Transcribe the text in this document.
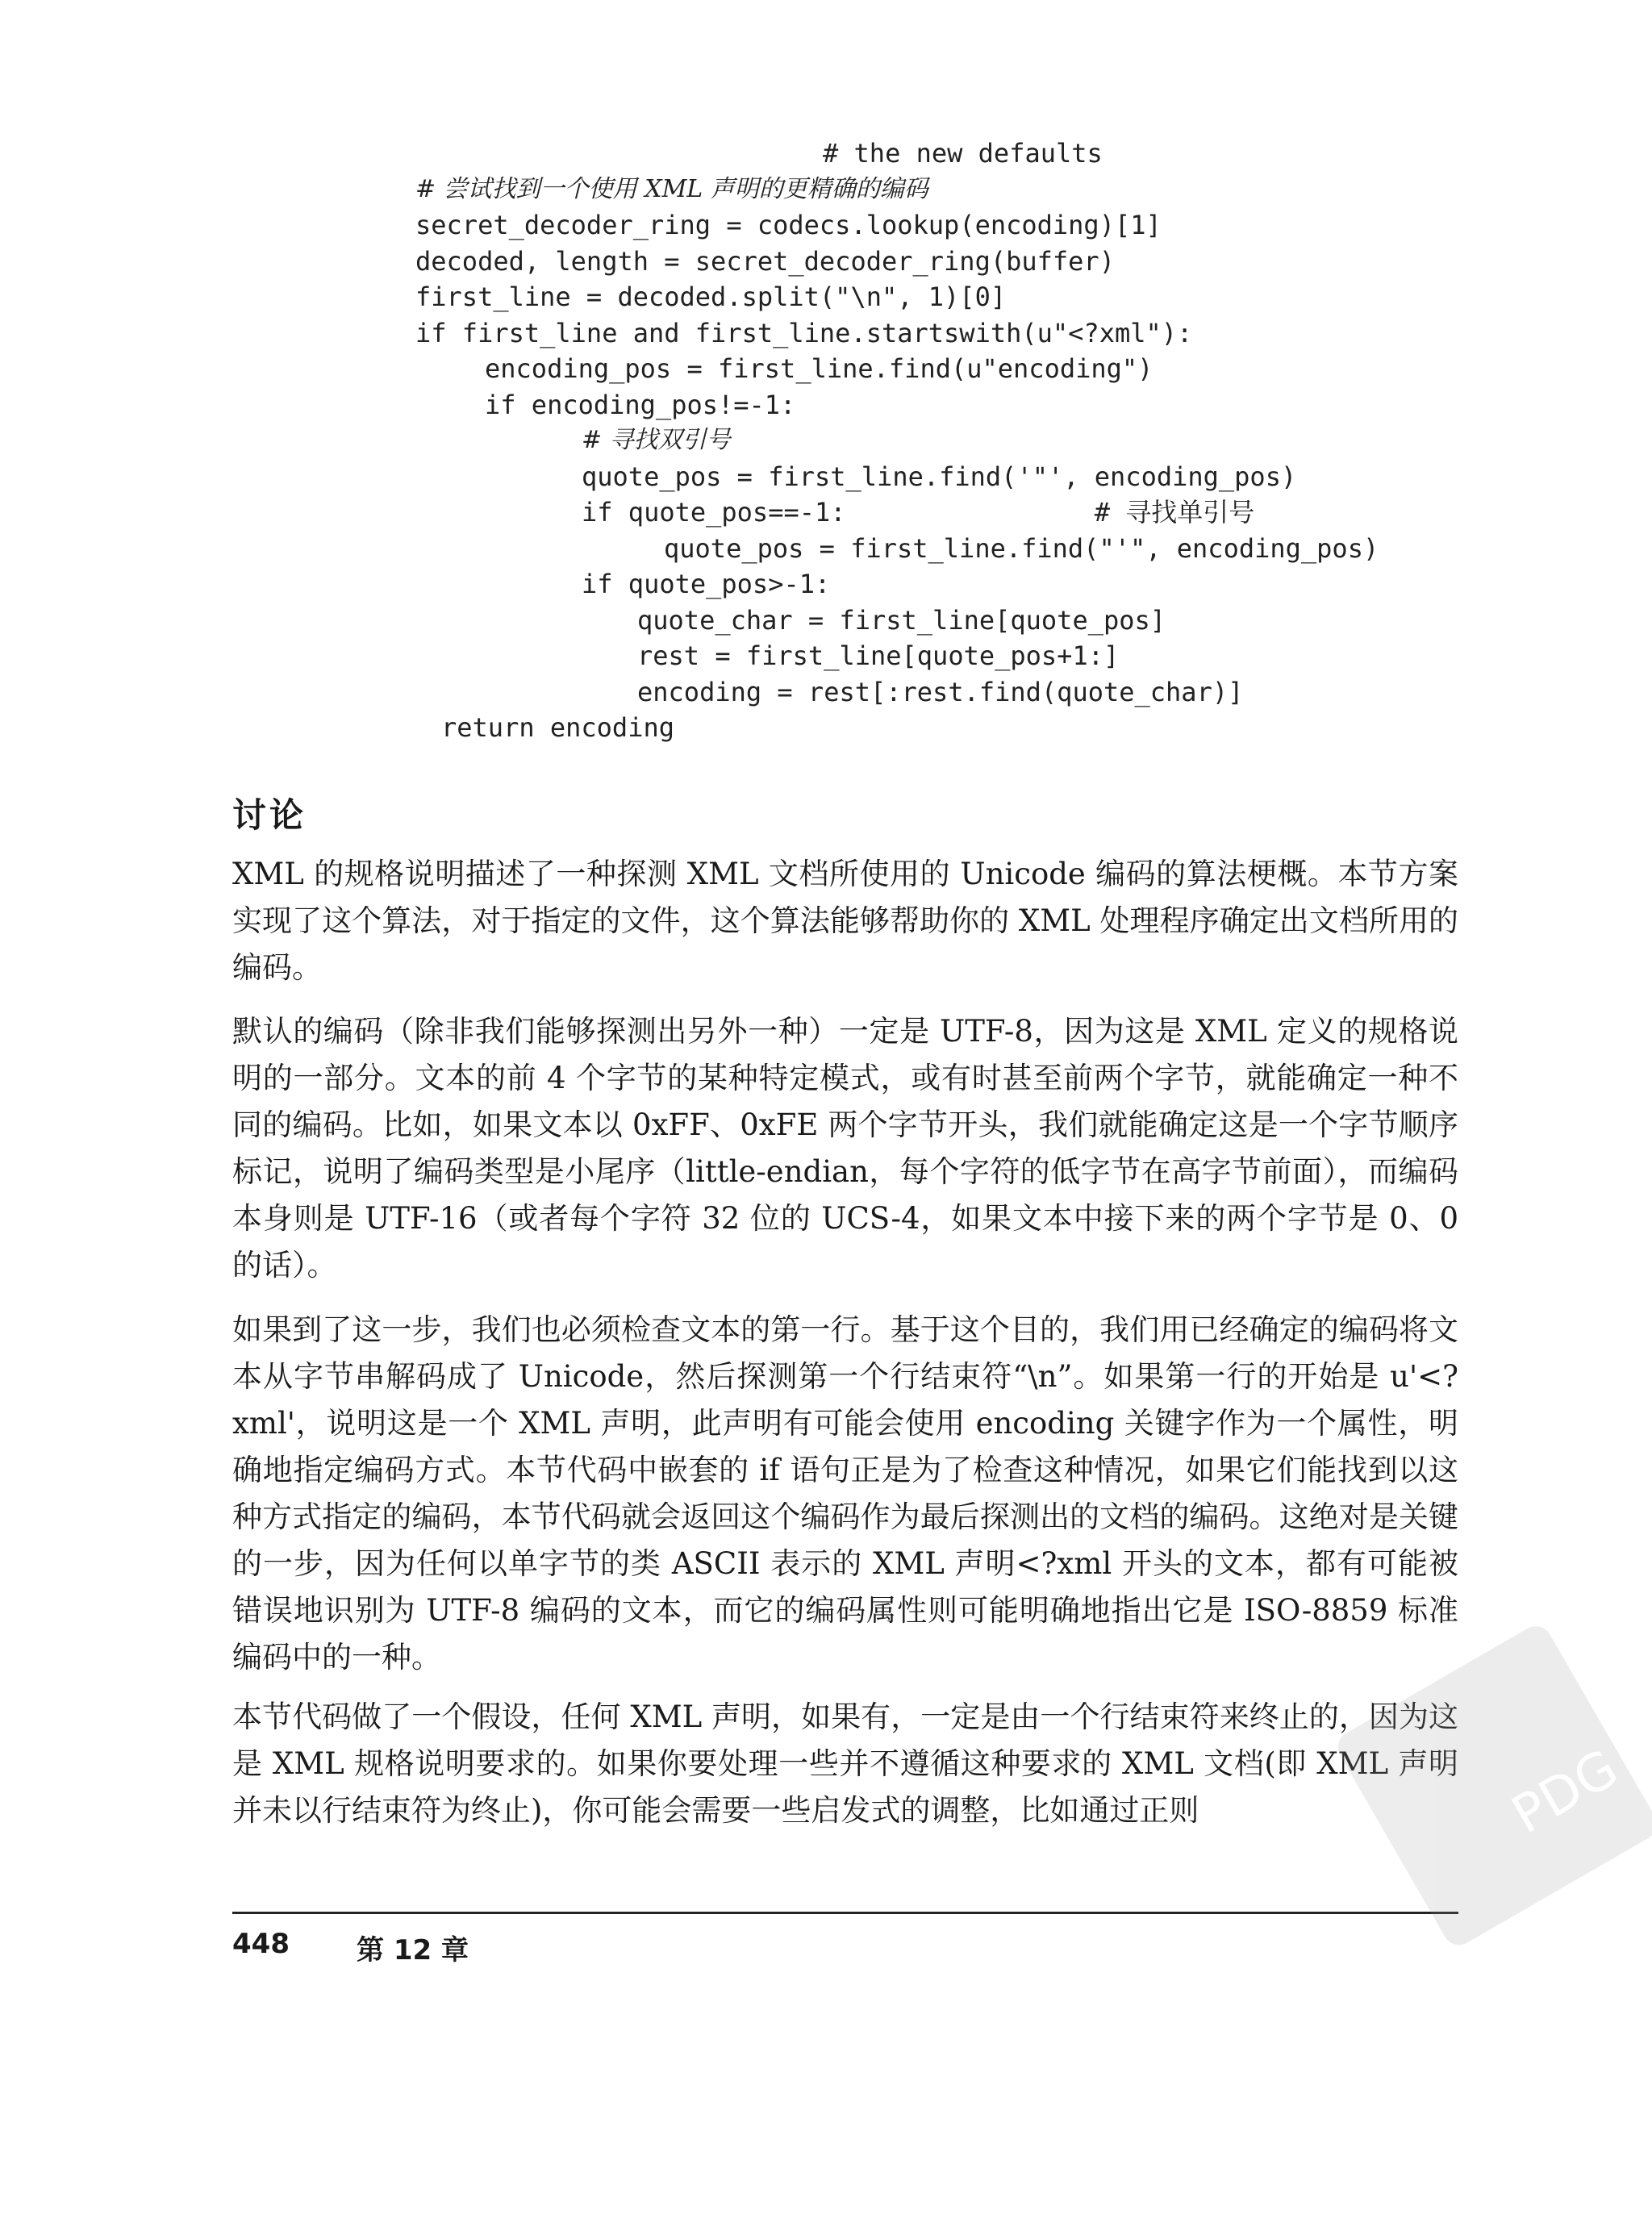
# the new defaults
# 尝试找到一个使用 XML 声明的更精确的编码
secret_decoder_ring = codecs.lookup(encoding)[1]
decoded, length = secret_decoder_ring(buffer)
first_line = decoded.split("\n", 1)[0]
if first_line and first_line.startswith(u"<?xml"):
encoding_pos = first_line.find(u"encoding")
if encoding_pos!=-1:
# 寻找双引号
quote_pos = first_line.find('"', encoding_pos)
if quote_pos==-1:                # 寻找单引号
quote_pos = first_line.find("'", encoding_pos)
if quote_pos>-1:
quote_char = first_line[quote_pos]
rest = first_line[quote_pos+1:]
encoding = rest[:rest.find(quote_char)]
return encoding
讨论

XML 的规格说明描述了一种探测 XML 文档所使用的 Unicode 编码的算法梗概。本节方案实现了这个算法，对于指定的文件，这个算法能够帮助你的 XML 处理程序确定出文档所用的编码。

默认的编码（除非我们能够探测出另外一种）一定是 UTF-8，因为这是 XML 定义的规格说明的一部分。文本的前 4 个字节的某种特定模式，或有时甚至前两个字节，就能确定一种不同的编码。比如，如果文本以 0xFF、0xFE 两个字节开头，我们就能确定这是一个字节顺序标记，说明了编码类型是小尾序（little-endian，每个字符的低字节在高字节前面），而编码本身则是 UTF-16（或者每个字符 32 位的 UCS-4，如果文本中接下来的两个字节是 0、0 的话）。

如果到了这一步，我们也必须检查文本的第一行。基于这个目的，我们用已经确定的编码将文本从字节串解码成了 Unicode，然后探测第一个行结束符“\n”。如果第一行的开始是 u'<?xml'，说明这是一个 XML 声明，此声明有可能会使用 encoding 关键字作为一个属性，明确地指定编码方式。本节代码中嵌套的 if 语句正是为了检查这种情况，如果它们能找到以这种方式指定的编码，本节代码就会返回这个编码作为最后探测出的文档的编码。这绝对是关键的一步，因为任何以单字节的类 ASCII 表示的 XML 声明<?xml 开头的文本，都有可能被错误地识别为 UTF-8 编码的文本，而它的编码属性则可能明确地指出它是 ISO-8859 标准编码中的一种。

本节代码做了一个假设，任何 XML 声明，如果有，一定是由一个行结束符来终止的，因为这是 XML 规格说明要求的。如果你要处理一些并不遵循这种要求的 XML 文档(即 XML 声明并未以行结束符为终止)，你可能会需要一些启发式的调整，比如通过正则

448 第 12 章
PDG
